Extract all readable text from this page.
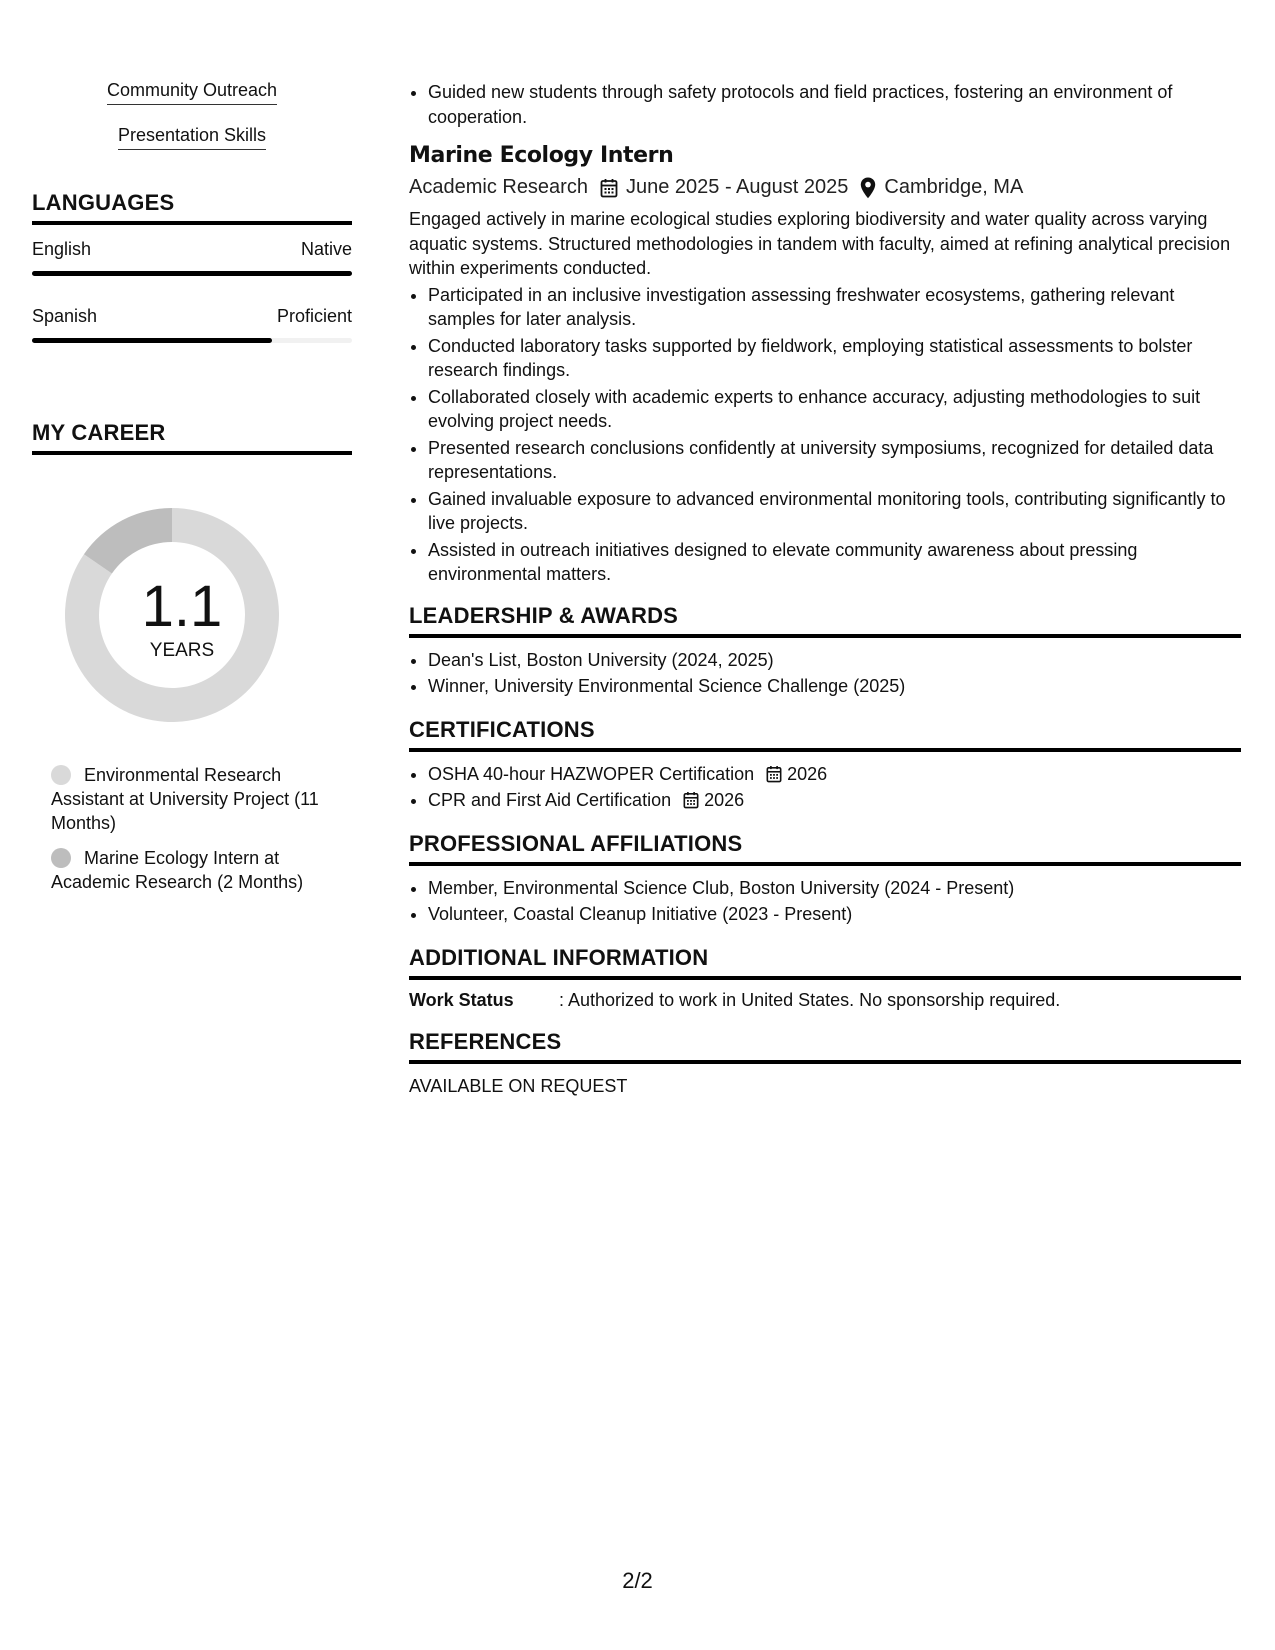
Community Outreach
Presentation Skills
LANGUAGES
English	Native
Spanish	Proficient
MY CAREER
1.1
YEARS
Environmental Research Assistant at University Project (11 Months)
Marine Ecology Intern at Academic Research (2 Months)
• Guided new students through safety protocols and field practices, fostering an environment of cooperation.
Marine Ecology Intern
Academic Research June 2025 - August 2025 Cambridge, MA
Engaged actively in marine ecological studies exploring biodiversity and water quality across varying aquatic systems. Structured methodologies in tandem with faculty, aimed at refining analytical precision within experiments conducted.
• Participated in an inclusive investigation assessing freshwater ecosystems, gathering relevant samples for later analysis.
• Conducted laboratory tasks supported by fieldwork, employing statistical assessments to bolster research findings.
• Collaborated closely with academic experts to enhance accuracy, adjusting methodologies to suit evolving project needs.
• Presented research conclusions confidently at university symposiums, recognized for detailed data representations.
• Gained invaluable exposure to advanced environmental monitoring tools, contributing significantly to live projects.
• Assisted in outreach initiatives designed to elevate community awareness about pressing environmental matters.
LEADERSHIP & AWARDS
• Dean's List, Boston University (2024, 2025)
• Winner, University Environmental Science Challenge (2025)
CERTIFICATIONS
• OSHA 40-hour HAZWOPER Certification 2026
• CPR and First Aid Certification 2026
PROFESSIONAL AFFILIATIONS
• Member, Environmental Science Club, Boston University (2024 - Present)
• Volunteer, Coastal Cleanup Initiative (2023 - Present)
ADDITIONAL INFORMATION
Work Status	: Authorized to work in United States. No sponsorship required.
REFERENCES
AVAILABLE ON REQUEST
2/2
